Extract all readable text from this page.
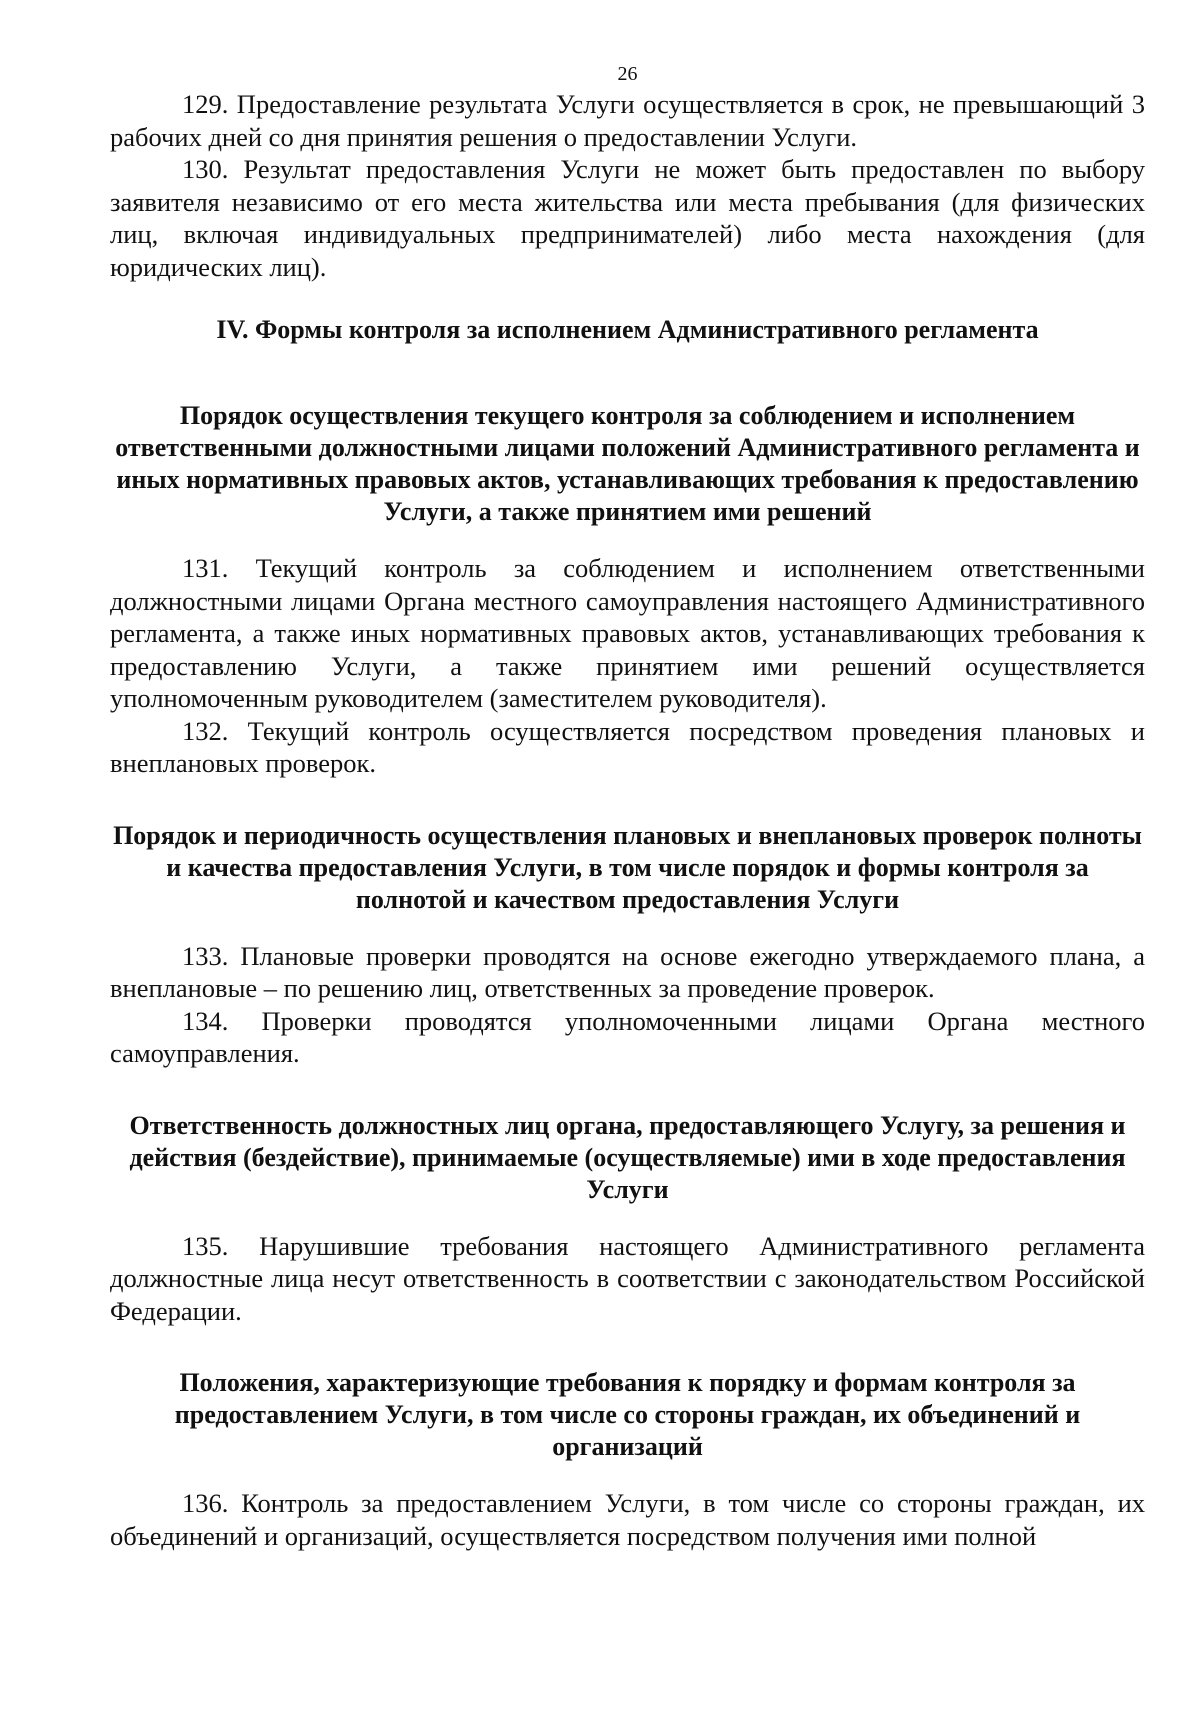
26

129. Предоставление результата Услуги осуществляется в срок, не превышающий 3 рабочих дней со дня принятия решения о предоставлении Услуги.

130. Результат предоставления Услуги не может быть предоставлен по выбору заявителя независимо от его места жительства или места пребывания (для физических лиц, включая индивидуальных предпринимателей) либо места нахождения (для юридических лиц).

IV. Формы контроля за исполнением Административного регламента
Порядок осуществления текущего контроля за соблюдением и исполнением ответственными должностными лицами положений Административного регламента и иных нормативных правовых актов, устанавливающих требования к предоставлению Услуги, а также принятием ими решений

131. Текущий контроль за соблюдением и исполнением ответственными должностными лицами Органа местного самоуправления настоящего Административного регламента, а также иных нормативных правовых актов, устанавливающих требования к предоставлению Услуги, а также принятием ими решений осуществляется уполномоченным руководителем (заместителем руководителя).

132. Текущий контроль осуществляется посредством проведения плановых и внеплановых проверок.

Порядок и периодичность осуществления плановых и внеплановых проверок полноты и качества предоставления Услуги, в том числе порядок и формы контроля за полнотой и качеством предоставления Услуги

133. Плановые проверки проводятся на основе ежегодно утверждаемого плана, а внеплановые – по решению лиц, ответственных за проведение проверок.

134. Проверки проводятся уполномоченными лицами Органа местного самоуправления.

Ответственность должностных лиц органа, предоставляющего Услугу, за решения и действия (бездействие), принимаемые (осуществляемые) ими в ходе предоставления Услуги

135. Нарушившие требования настоящего Административного регламента должностные лица несут ответственность в соответствии с законодательством Российской Федерации.

Положения, характеризующие требования к порядку и формам контроля за предоставлением Услуги, в том числе со стороны граждан, их объединений и организаций

136. Контроль за предоставлением Услуги, в том числе со стороны граждан, их объединений и организаций, осуществляется посредством получения ими полной
